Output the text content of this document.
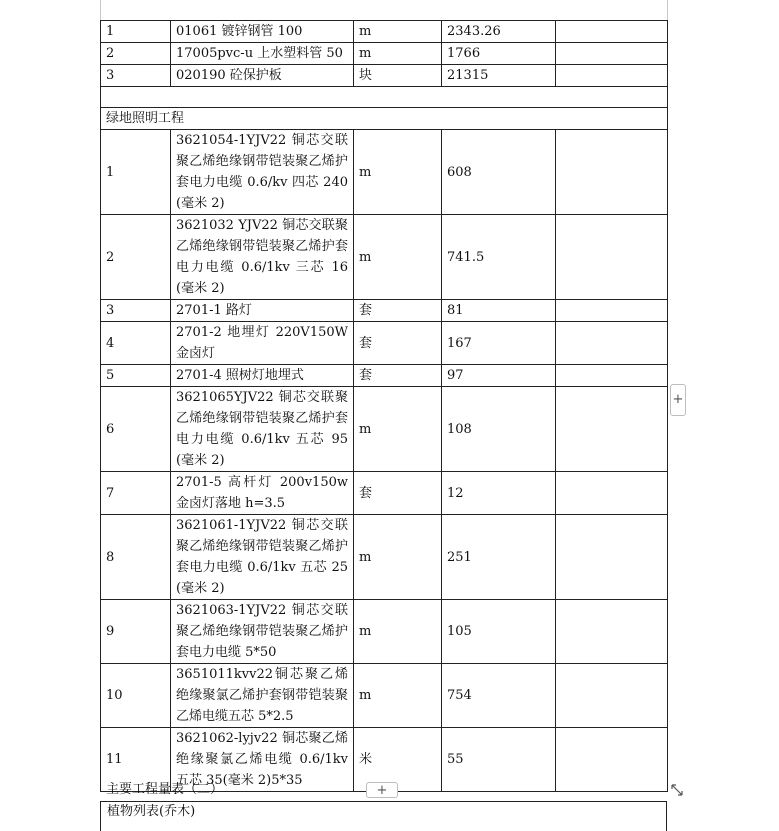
1	01061 镀锌钢管 100	m	2343.26	
2	17005pvc-u 上水塑料管 50	m	1766	
3	020190 砼保护板	块	21315	

绿地照明工程				
1	3621054-1YJV22 铜芯交联聚乙烯绝缘钢带铠装聚乙烯护套电力电缆 0.6/kv 四芯 240(毫米 2)	m	608	
2	3621032 YJV22 铜芯交联聚乙烯绝缘钢带铠装聚乙烯护套电力电缆 0.6/1kv 三芯 16(毫米 2)	m	741.5	
3	2701-1 路灯	套	81	
4	2701-2 地埋灯 220V150W 金卤灯	套	167	
5	2701-4 照树灯地埋式	套	97	
6	3621065YJV22 铜芯交联聚乙烯绝缘钢带铠装聚乙烯护套电力电缆 0.6/1kv 五芯 95(毫米 2)	m	108	
7	2701-5 高杆灯 200v150w 金卤灯落地 h=3.5	套	12	
8	3621061-1YJV22 铜芯交联聚乙烯绝缘钢带铠装聚乙烯护套电力电缆 0.6/1kv 五芯 25(毫米 2)	m	251	
9	3621063-1YJV22 铜芯交联聚乙烯绝缘钢带铠装聚乙烯护套电力电缆 5*50	m	105	
10	3651011kvv22铜芯聚乙烯绝缘聚氯乙烯护套钢带铠装聚乙烯电缆五芯 5*2.5	m	754	
11	3621062-lyjv22 铜芯聚乙烯绝缘聚氯乙烯电缆 0.6/1kv 五芯 35(毫米 2)5*35	米	55	
主要工程量表（二）	+
+
植物列表(乔木)
